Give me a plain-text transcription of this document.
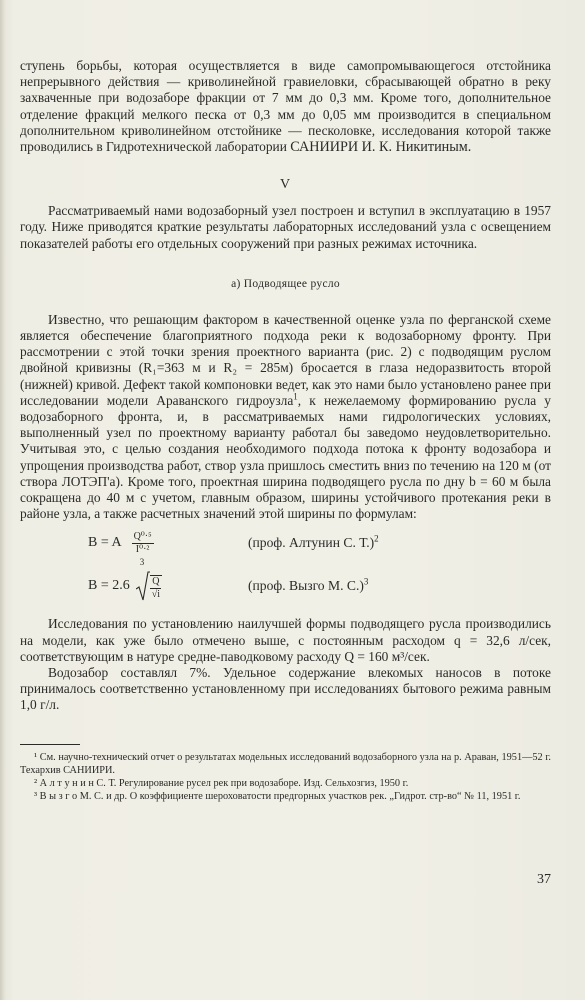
ступень борьбы, которая осуществляется в виде самопромывающегося отстойника непрерывного действия — криволинейной гравиеловки, сбрасывающей обратно в реку захваченные при водозаборе фракции от 7 мм до 0,3 мм. Кроме того, дополнительное отделение фракций мелкого песка от 0,3 мм до 0,05 мм производится в специальном дополнительном криволинейном отстойнике — песколовке, исследования которой также проводились в Гидротехнической лаборатории САНИИРИ И. К. Никитиным.

V

Рассматриваемый нами водозаборный узел построен и вступил в эксплуатацию в 1957 году. Ниже приводятся краткие результаты лабораторных исследований узла с освещением показателей работы его отдельных сооружений при разных режимах источника.

а) Подводящее русло

Известно, что решающим фактором в качественной оценке узла по ферганской схеме является обеспечение благоприятного подхода реки к водозаборному фронту. При рассмотрении с этой точки зрения проектного варианта (рис. 2) с подводящим руслом двойной кривизны (R₁=363 м и R₂ = 285м) бросается в глаза недоразвитость второй (нижней) кривой. Дефект такой компоновки ведет, как это нами было установлено ранее при исследовании модели Араванского гидроузла$^1$, к нежелаемому формированию русла у водозаборного фронта, и, в рассматриваемых нами гидрологических условиях, выполненный узел по проектному варианту работал бы заведомо неудовлетворительно. Учитывая это, с целью создания необходимого подхода потока к фронту водозабора и упрощения производства работ, створ узла пришлось сместить вниз по течению на 120 м (от створа ЛОТЭП'а). Кроме того, проектная ширина подводящего русла по дну b = 60 м была сокращена до 40 м с учетом, главным образом, ширины устойчивого протекания реки в районе узла, а также расчетных значений этой ширины по формулам:

B = A $\frac{\text{Q⁰·⁵}}{\text{I⁰·²}}$	(проф. Алтунин С. Т.)$^2$
B = 2.6
3
$\frac{Q}{√i}$	(проф. Вызго М. С.)$^3$

Исследования по установлению наилучшей формы подводящего русла производились на модели, как уже было отмечено выше, с постоянным расходом q = 32,6 л/сек, соответствующим в натуре средне-паводковому расходу Q = 160 м³/сек.

Водозабор составлял 7%. Удельное содержание влекомых наносов в потоке принималось соответственно установленному при исследованиях бытового режима равным 1,0 г/л.

¹ См. научно-технический отчет о результатах модельных исследований водозаборного узла на р. Араван, 1951—52 г. Техархив САНИИРИ.

² А л т у н и н С. Т. Регулирование русел рек при водозаборе. Изд. Сельхозгиз, 1950 г.

³ В ы з г о М. С. и др. О коэффициенте шероховатости предгорных участков рек. „Гидрот. стр-во“ № 11, 1951 г.

37
